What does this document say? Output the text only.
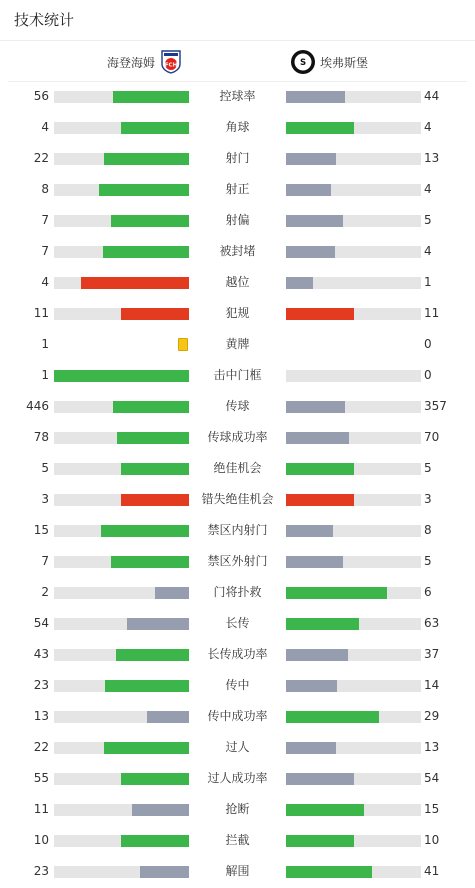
技术统计
海登海姆 FCH	S 埃弗斯堡
56	控球率	44
4	角球	4
22	射门	13
8	射正	4
7	射偏	5
7	被封堵	4
4	越位	1
11	犯规	11
1	黄牌	0
1	击中门框	0
446	传球	357
78	传球成功率	70
5	绝佳机会	5
3	错失绝佳机会	3
15	禁区内射门	8
7	禁区外射门	5
2	门将扑救	6
54	长传	63
43	长传成功率	37
23	传中	14
13	传中成功率	29
22	过人	13
55	过人成功率	54
11	抢断	15
10	拦截	10
23	解围	41
